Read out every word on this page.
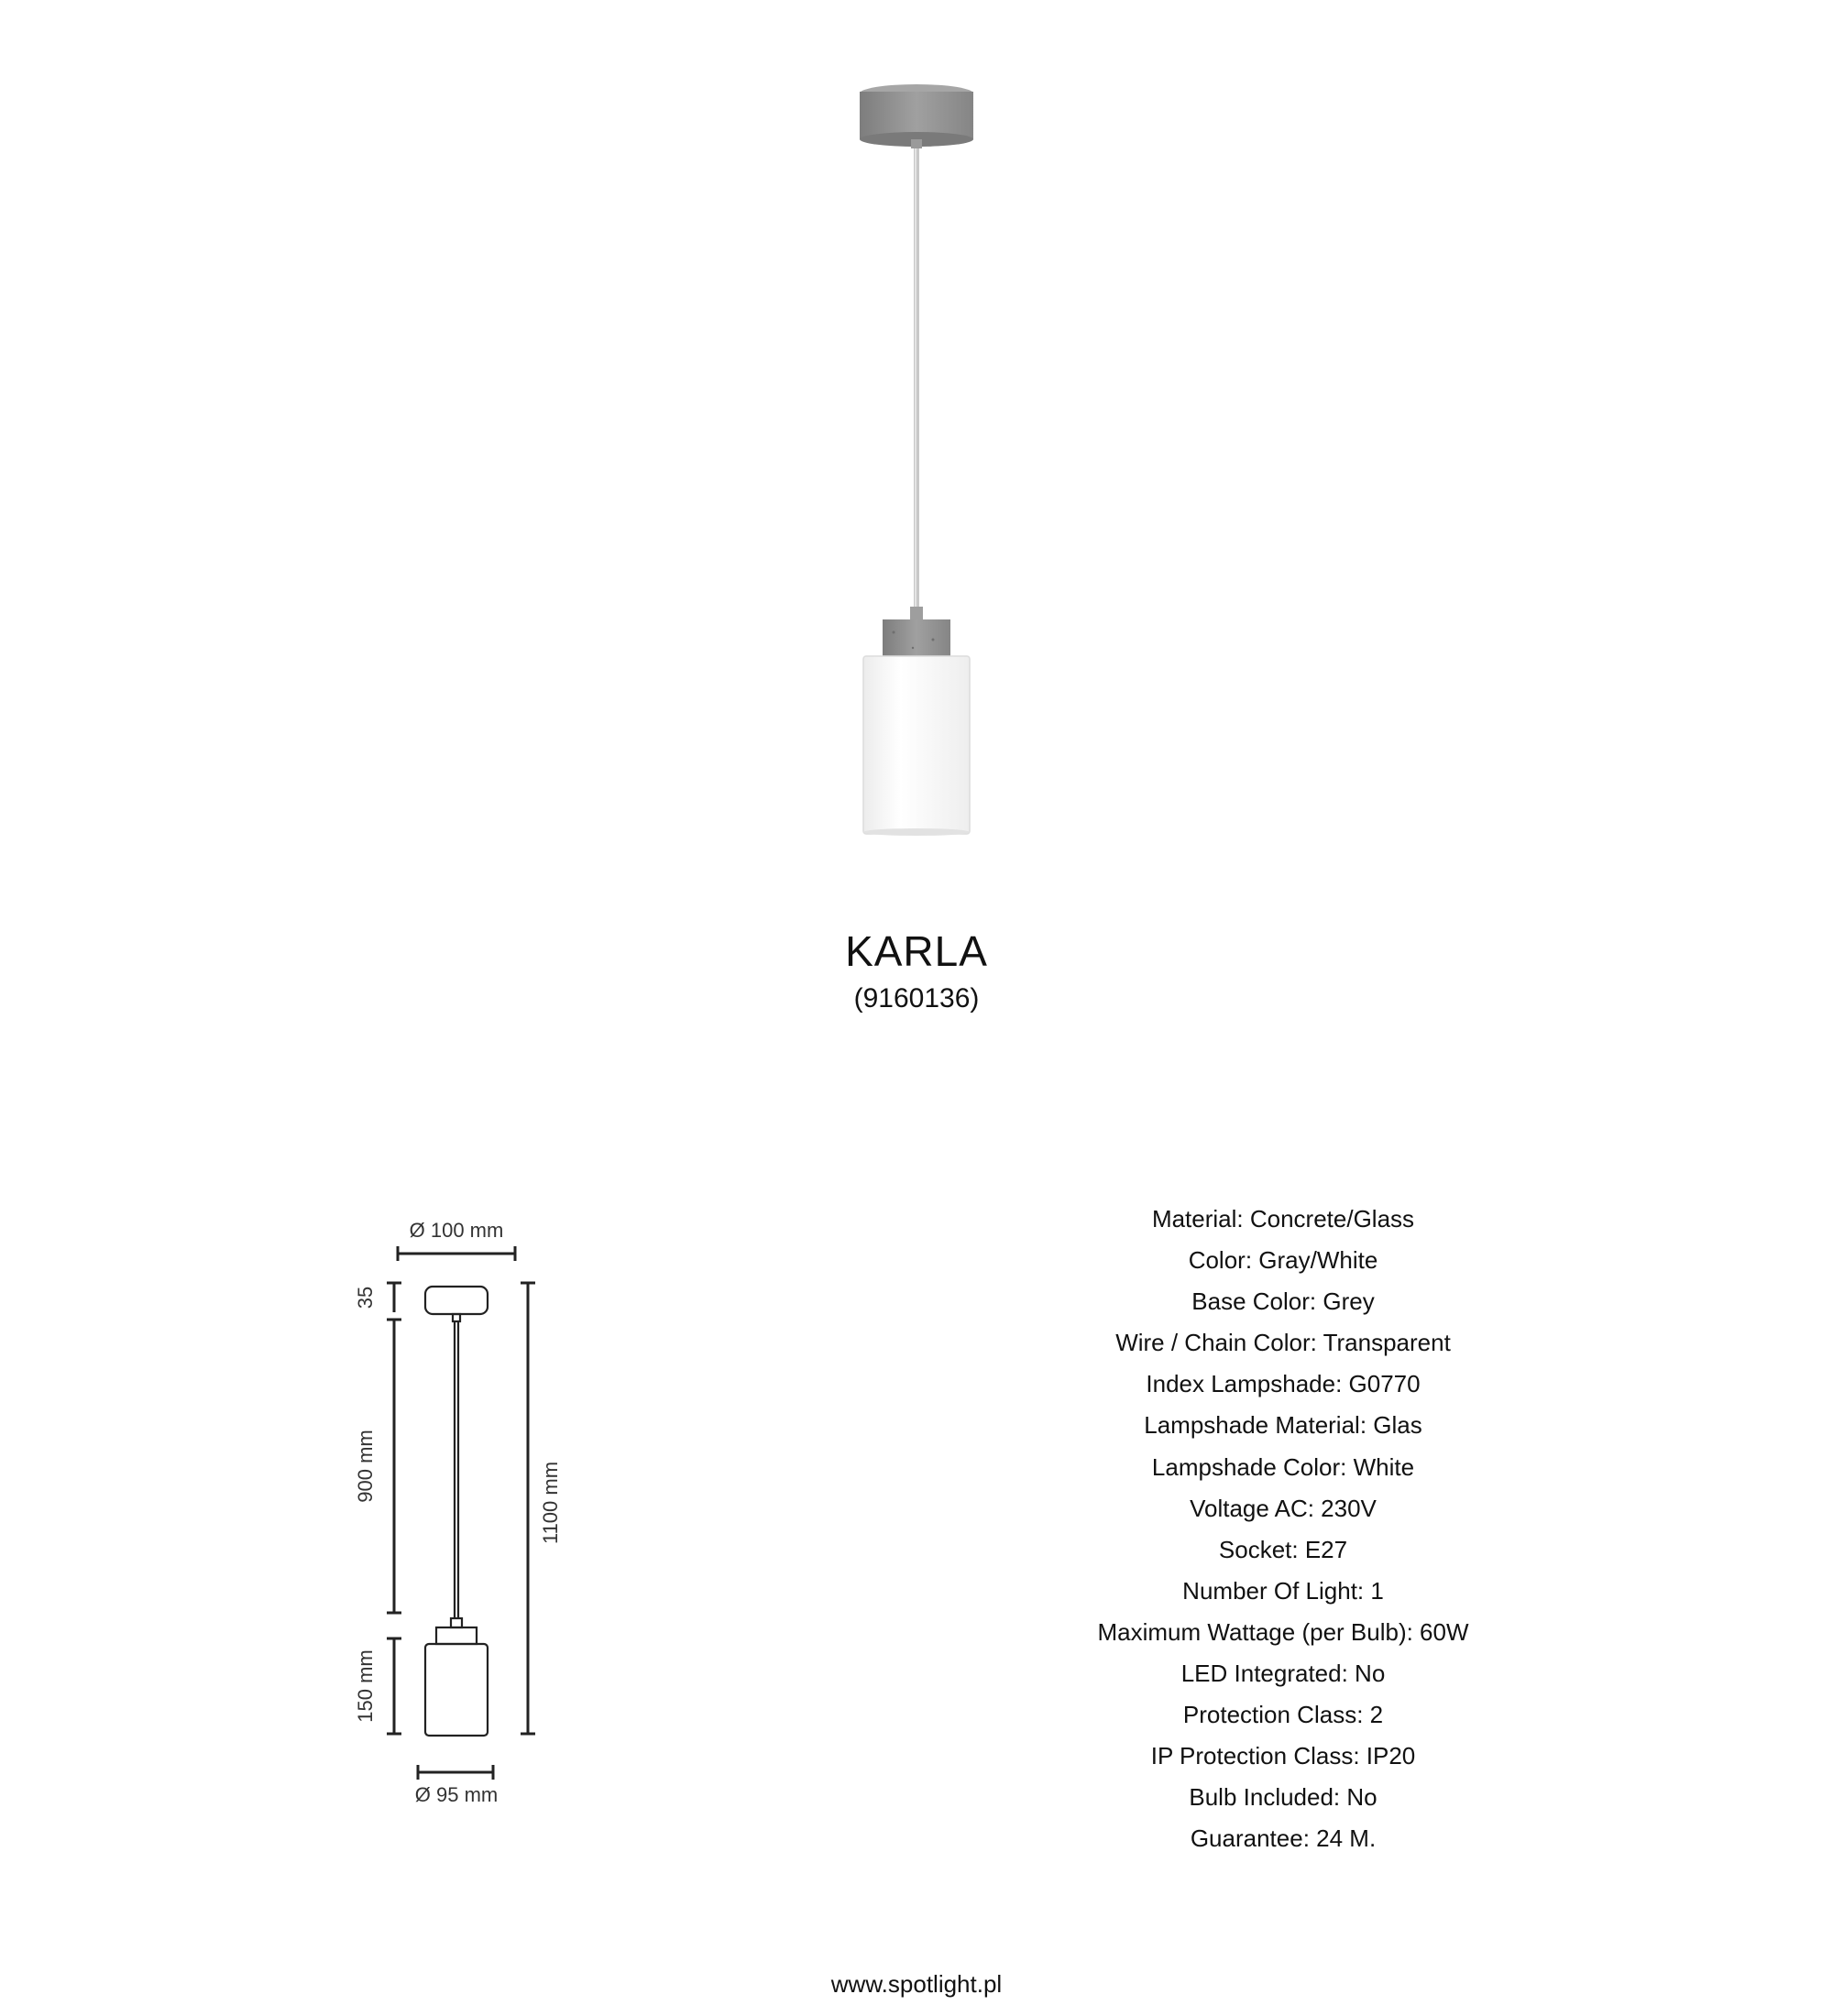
KARLA
(9160136)
Ø 100 mm
35
900 mm
150 mm
1100 mm
Ø 95 mm
Material: Concrete/Glass
Color: Gray/White
Base Color: Grey
Wire / Chain Color: Transparent
Index Lampshade: G0770
Lampshade Material: Glas
Lampshade Color: White
Voltage AC: 230V
Socket: E27
Number Of Light: 1
Maximum Wattage (per Bulb): 60W
LED Integrated: No
Protection Class: 2
IP Protection Class: IP20
Bulb Included: No
Guarantee: 24 M.
www.spotlight.pl
